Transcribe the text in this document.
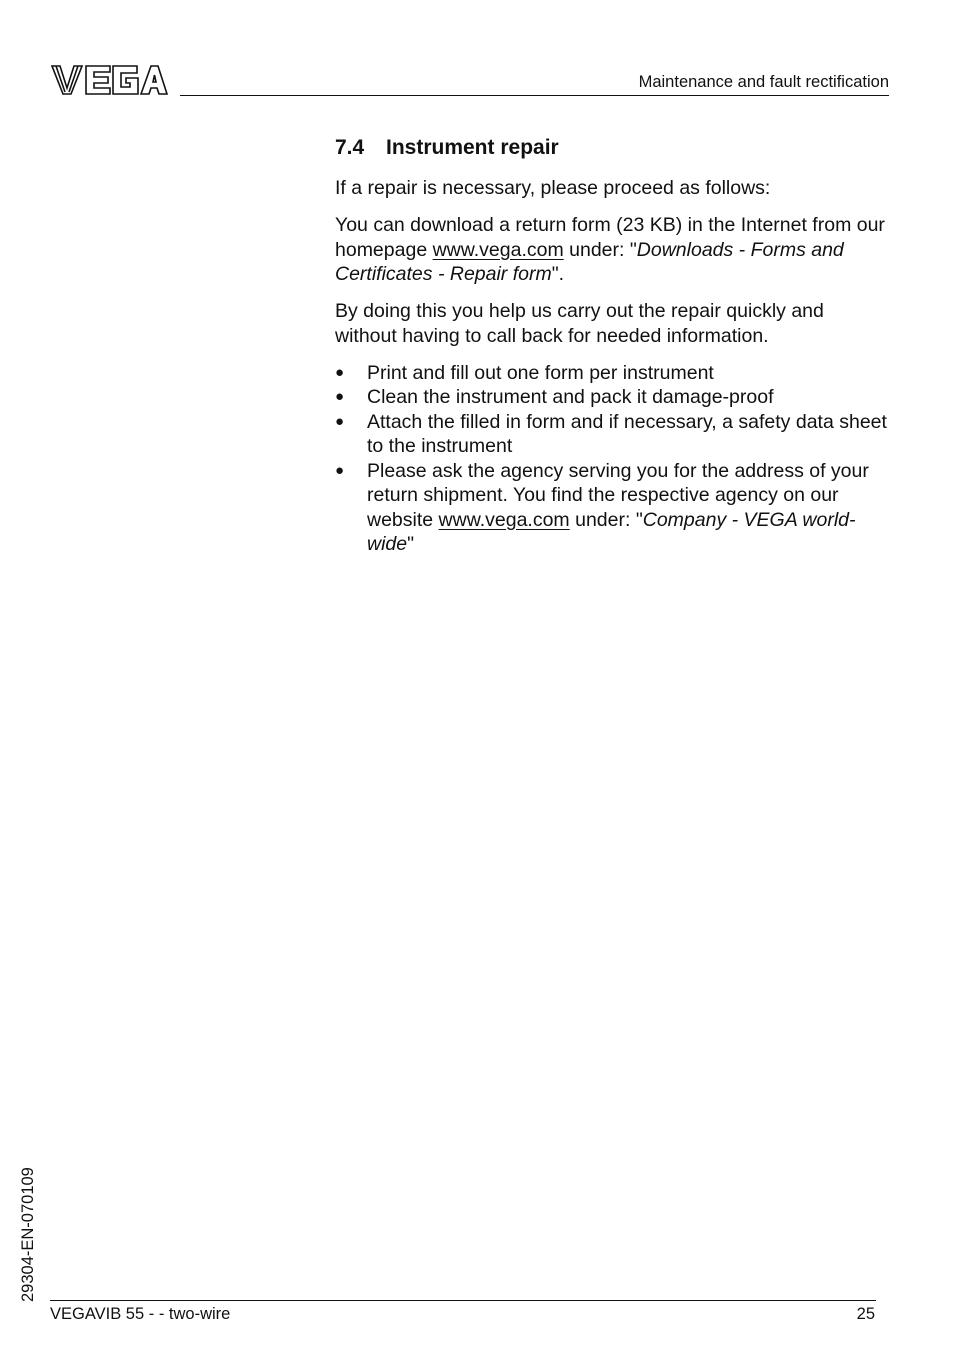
Maintenance and fault rectification
7.4 Instrument repair

If a repair is necessary, please proceed as follows:

You can download a return form (23 KB) in the Internet from our homepage www.vega.com under: "Downloads - Forms and Certificates - Repair form".

By doing this you help us carry out the repair quickly and without having to call back for needed information.

● Print and fill out one form per instrument
● Clean the instrument and pack it damage-proof
● Attach the filled in form and if necessary, a safety data sheet to the instrument
● Please ask the agency serving you for the address of your return shipment. You find the respective agency on our website www.vega.com under: "Company - VEGA world-wide"
29304-EN-070109
VEGAVIB 55 - - two-wire	25
